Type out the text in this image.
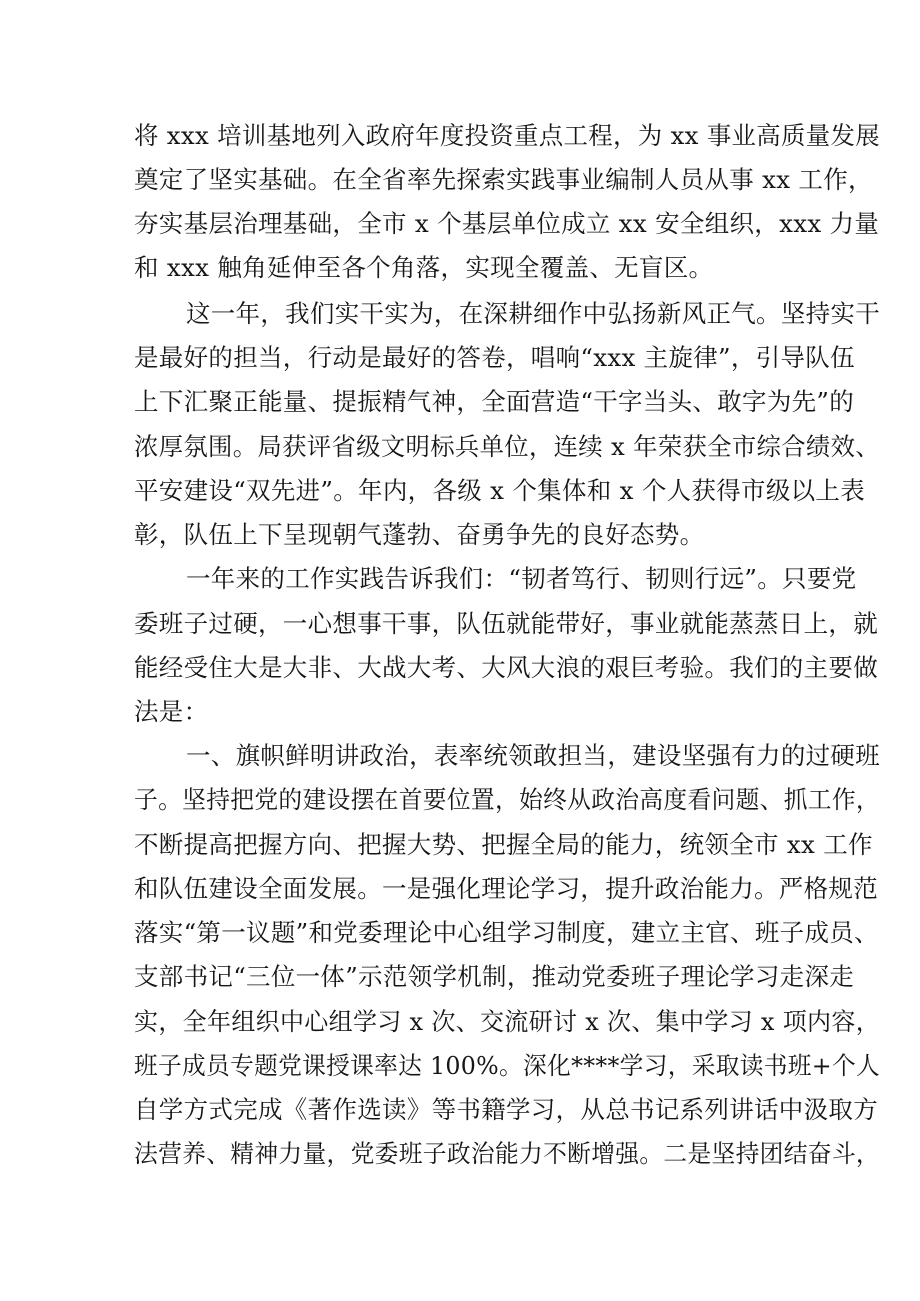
将 xxx 培训基地列入政府年度投资重点工程，为 xx 事业高质量发展
奠定了坚实基础。在全省率先探索实践事业编制人员从事 xx 工作，
夯实基层治理基础，全市 x 个基层单位成立 xx 安全组织，xxx 力量
和 xxx 触角延伸至各个角落，实现全覆盖、无盲区。
这一年，我们实干实为，在深耕细作中弘扬新风正气。坚持实干
是最好的担当，行动是最好的答卷，唱响“xxx 主旋律”，引导队伍
上下汇聚正能量、提振精气神，全面营造“干字当头、敢字为先”的
浓厚氛围。局获评省级文明标兵单位，连续 x 年荣获全市综合绩效、
平安建设“双先进”。年内，各级 x 个集体和 x 个人获得市级以上表
彰，队伍上下呈现朝气蓬勃、奋勇争先的良好态势。
一年来的工作实践告诉我们：“韧者笃行、韧则行远”。只要党
委班子过硬，一心想事干事，队伍就能带好，事业就能蒸蒸日上，就
能经受住大是大非、大战大考、大风大浪的艰巨考验。我们的主要做
法是：
一、旗帜鲜明讲政治，表率统领敢担当，建设坚强有力的过硬班
子。坚持把党的建设摆在首要位置，始终从政治高度看问题、抓工作，
不断提高把握方向、把握大势、把握全局的能力，统领全市 xx 工作
和队伍建设全面发展。一是强化理论学习，提升政治能力。严格规范
落实“第一议题”和党委理论中心组学习制度，建立主官、班子成员、
支部书记“三位一体”示范领学机制，推动党委班子理论学习走深走
实，全年组织中心组学习 x 次、交流研讨 x 次、集中学习 x 项内容，
班子成员专题党课授课率达 100%。深化****学习，采取读书班+个人
自学方式完成《著作选读》等书籍学习，从总书记系列讲话中汲取方
法营养、精神力量，党委班子政治能力不断增强。二是坚持团结奋斗，
